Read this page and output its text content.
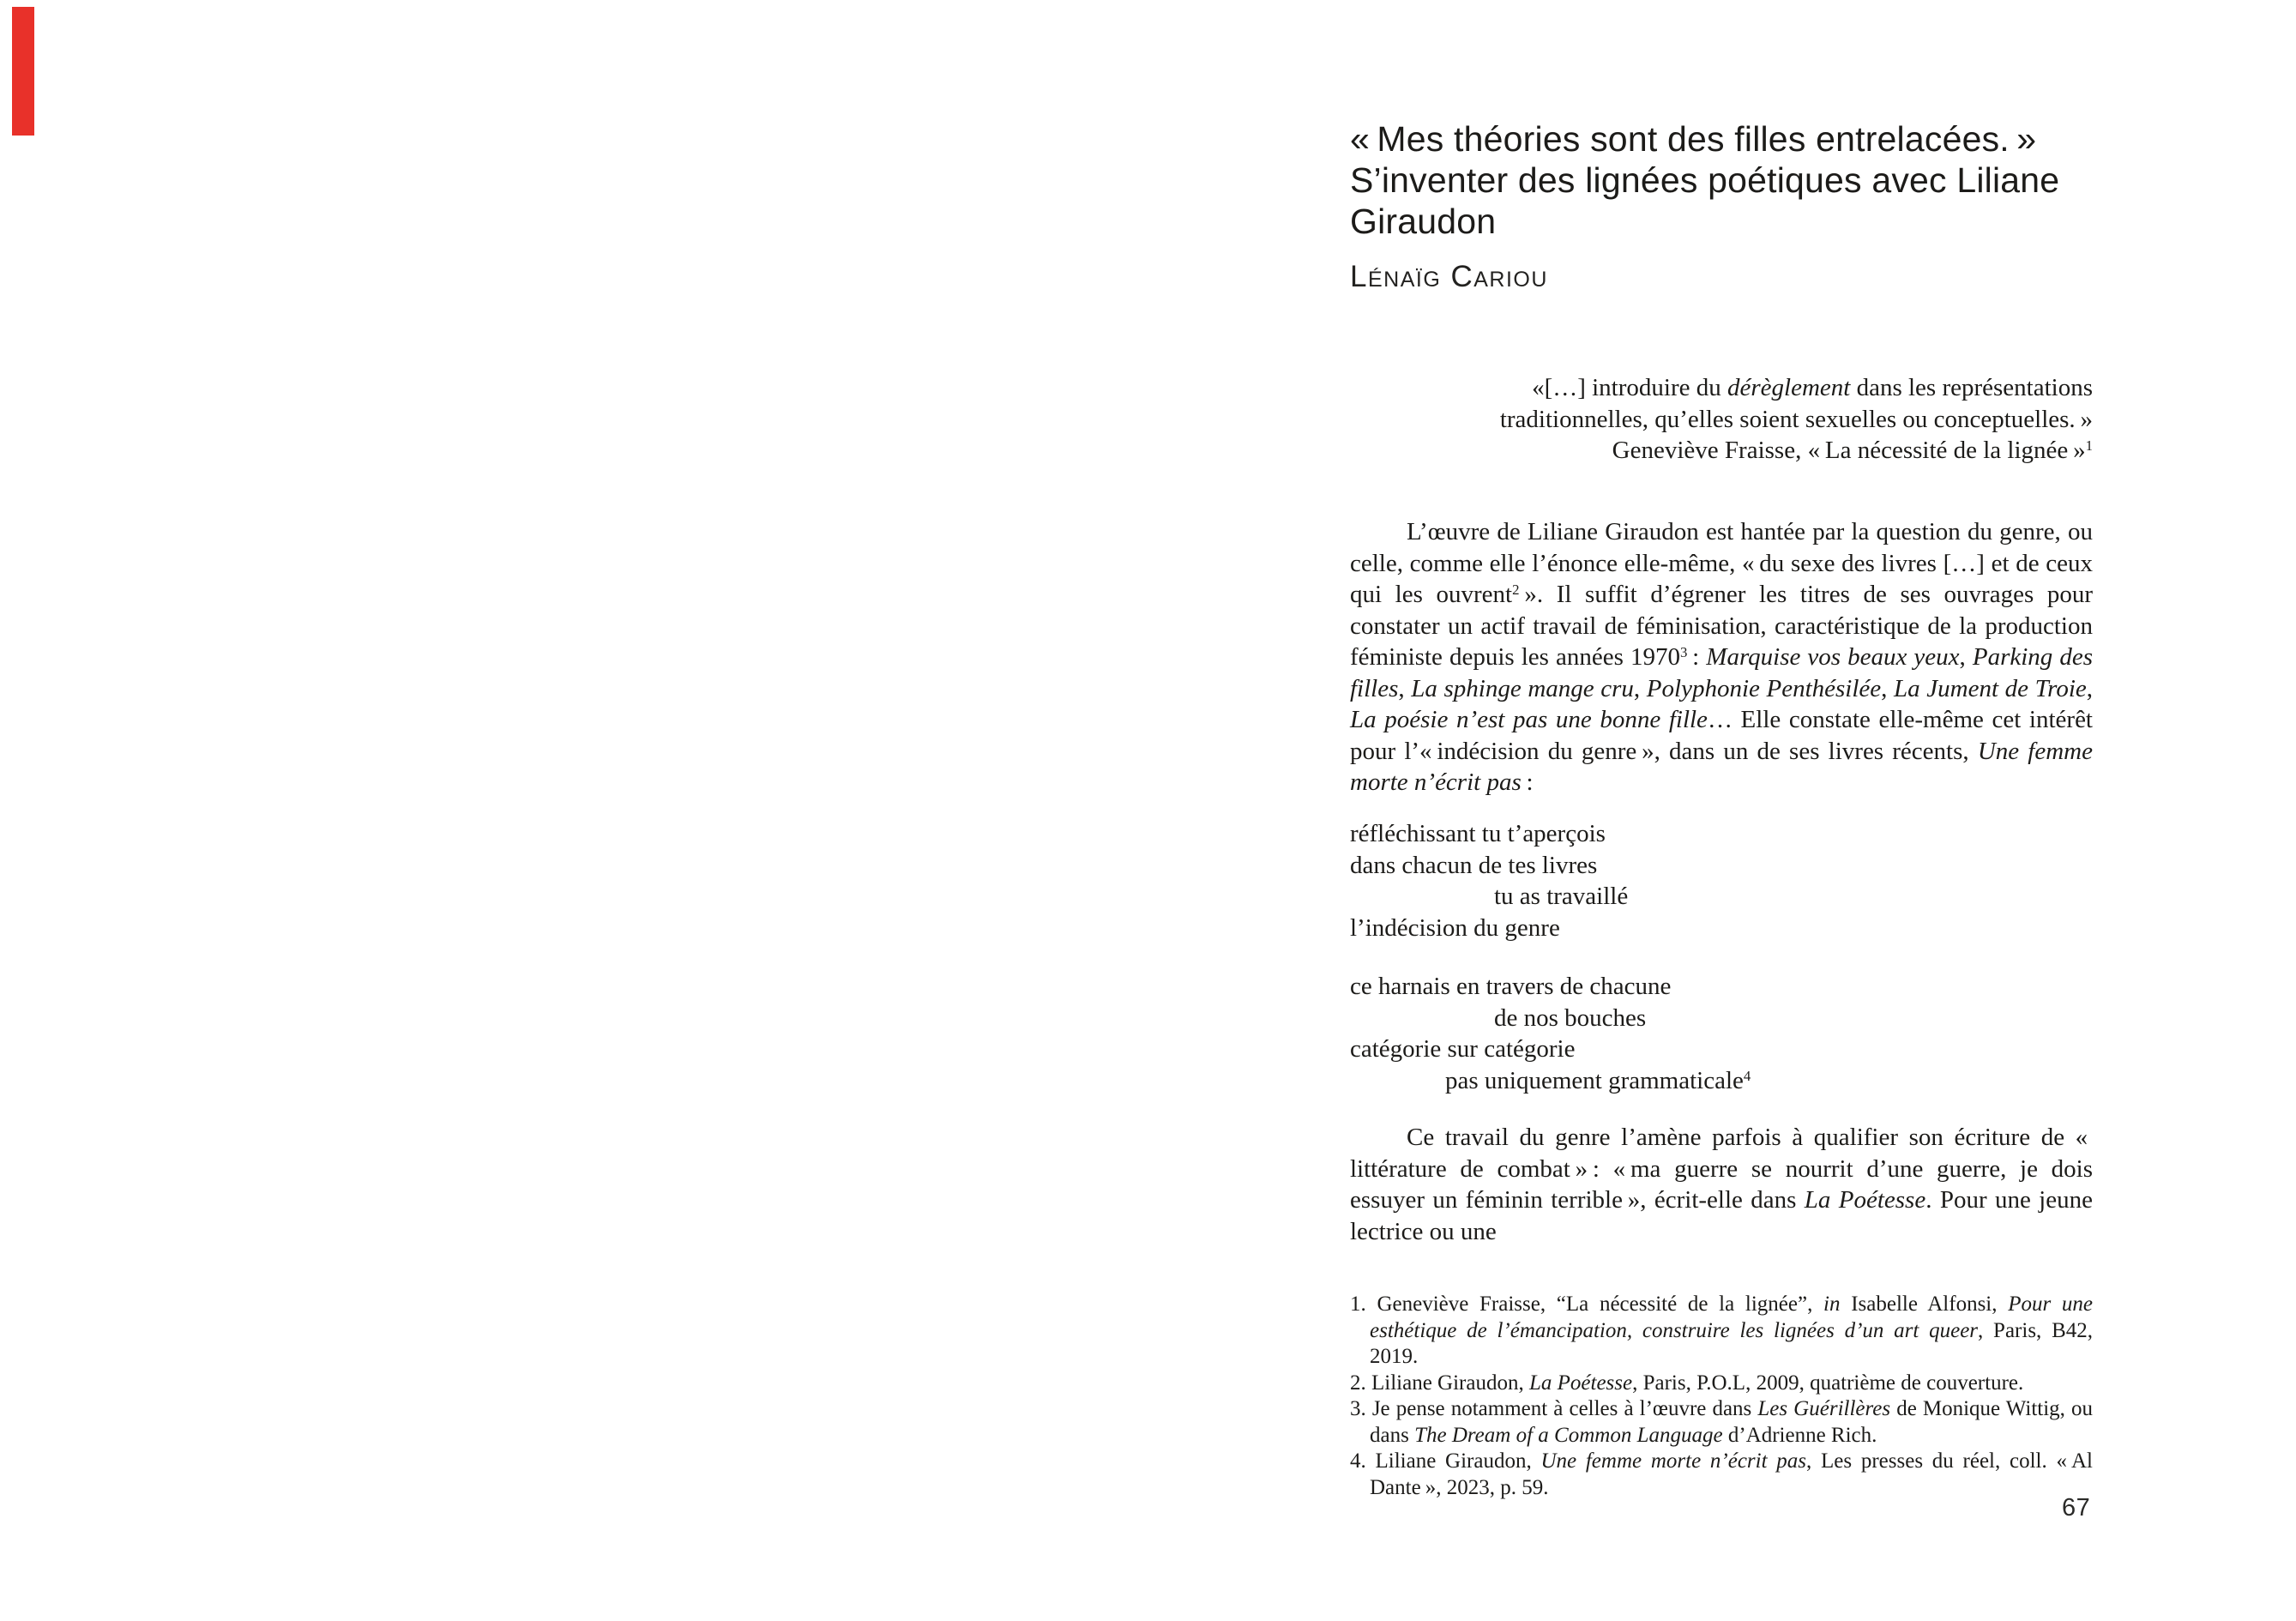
« Mes théories sont des filles entrelacées. »
S’inventer des lignées poétiques avec Liliane
Giraudon
Lénaïg Cariou
«[…] introduire du dérèglement dans les représentations
traditionnelles, qu’elles soient sexuelles ou conceptuelles. »
Geneviève Fraisse, « La nécessité de la lignée »$^1$
L’œuvre de Liliane Giraudon est hantée par la question du genre, ou celle, comme elle l’énonce elle-même, « du sexe des livres […] et de ceux qui les ouvrent$^2$ ». Il suffit d’égrener les titres de ses ouvrages pour constater un actif travail de féminisation, caractéristique de la production féministe depuis les années 1970$^3$ : Marquise vos beaux yeux, Parking des filles, La sphinge mange cru, Polyphonie Penthésilée, La Jument de Troie, La poésie n’est pas une bonne fille… Elle constate elle-même cet intérêt pour l’« indécision du genre », dans un de ses livres récents, Une femme morte n’écrit pas :
réfléchissant tu t’aperçois
dans chacun de tes livres
tu as travaillé
l’indécision du genre
ce harnais en travers de chacune
de nos bouches
catégorie sur catégorie
pas uniquement grammaticale$^4$
Ce travail du genre l’amène parfois à qualifier son écriture de « littérature de combat » : « ma guerre se nourrit d’une guerre, je dois essuyer un féminin terrible », écrit-elle dans La Poétesse. Pour une jeune lectrice ou une

1. Geneviève Fraisse, “La nécessité de la lignée”, in Isabelle Alfonsi, Pour une esthétique de l’émancipation, construire les lignées d’un art queer, Paris, B42, 2019.

2. Liliane Giraudon, La Poétesse, Paris, P.O.L, 2009, quatrième de couverture.

3. Je pense notamment à celles à l’œuvre dans Les Guérillères de Monique Wittig, ou dans The Dream of a Common Language d’Adrienne Rich.

4. Liliane Giraudon, Une femme morte n’écrit pas, Les presses du réel, coll. « Al Dante », 2023, p. 59.

67
